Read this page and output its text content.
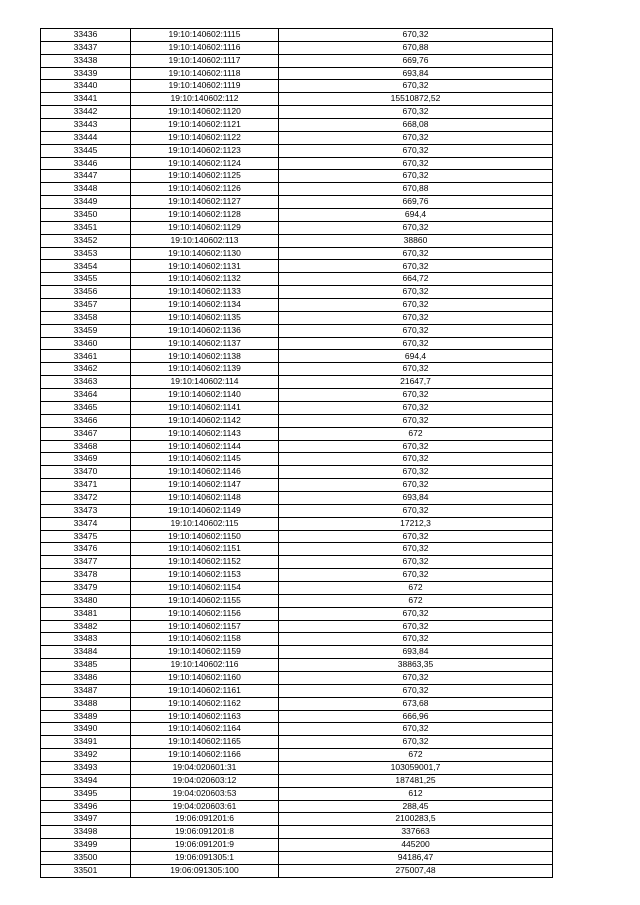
33436	19:10:140602:1115	670,32
33437	19:10:140602:1116	670,88
33438	19:10:140602:1117	669,76
33439	19:10:140602:1118	693,84
33440	19:10:140602:1119	670,32
33441	19:10:140602:112	15510872,52
33442	19:10:140602:1120	670,32
33443	19:10:140602:1121	668,08
33444	19:10:140602:1122	670,32
33445	19:10:140602:1123	670,32
33446	19:10:140602:1124	670,32
33447	19:10:140602:1125	670,32
33448	19:10:140602:1126	670,88
33449	19:10:140602:1127	669,76
33450	19:10:140602:1128	694,4
33451	19:10:140602:1129	670,32
33452	19:10:140602:113	38860
33453	19:10:140602:1130	670,32
33454	19:10:140602:1131	670,32
33455	19:10:140602:1132	664,72
33456	19:10:140602:1133	670,32
33457	19:10:140602:1134	670,32
33458	19:10:140602:1135	670,32
33459	19:10:140602:1136	670,32
33460	19:10:140602:1137	670,32
33461	19:10:140602:1138	694,4
33462	19:10:140602:1139	670,32
33463	19:10:140602:114	21647,7
33464	19:10:140602:1140	670,32
33465	19:10:140602:1141	670,32
33466	19:10:140602:1142	670,32
33467	19:10:140602:1143	672
33468	19:10:140602:1144	670,32
33469	19:10:140602:1145	670,32
33470	19:10:140602:1146	670,32
33471	19:10:140602:1147	670,32
33472	19:10:140602:1148	693,84
33473	19:10:140602:1149	670,32
33474	19:10:140602:115	17212,3
33475	19:10:140602:1150	670,32
33476	19:10:140602:1151	670,32
33477	19:10:140602:1152	670,32
33478	19:10:140602:1153	670,32
33479	19:10:140602:1154	672
33480	19:10:140602:1155	672
33481	19:10:140602:1156	670,32
33482	19:10:140602:1157	670,32
33483	19:10:140602:1158	670,32
33484	19:10:140602:1159	693,84
33485	19:10:140602:116	38863,35
33486	19:10:140602:1160	670,32
33487	19:10:140602:1161	670,32
33488	19:10:140602:1162	673,68
33489	19:10:140602:1163	666,96
33490	19:10:140602:1164	670,32
33491	19:10:140602:1165	670,32
33492	19:10:140602:1166	672
33493	19:04:020601:31	103059001,7
33494	19:04:020603:12	187481,25
33495	19:04:020603:53	612
33496	19:04:020603:61	288,45
33497	19:06:091201:6	2100283,5
33498	19:06:091201:8	337663
33499	19:06:091201:9	445200
33500	19:06:091305:1	94186,47
33501	19:06:091305:100	275007,48
